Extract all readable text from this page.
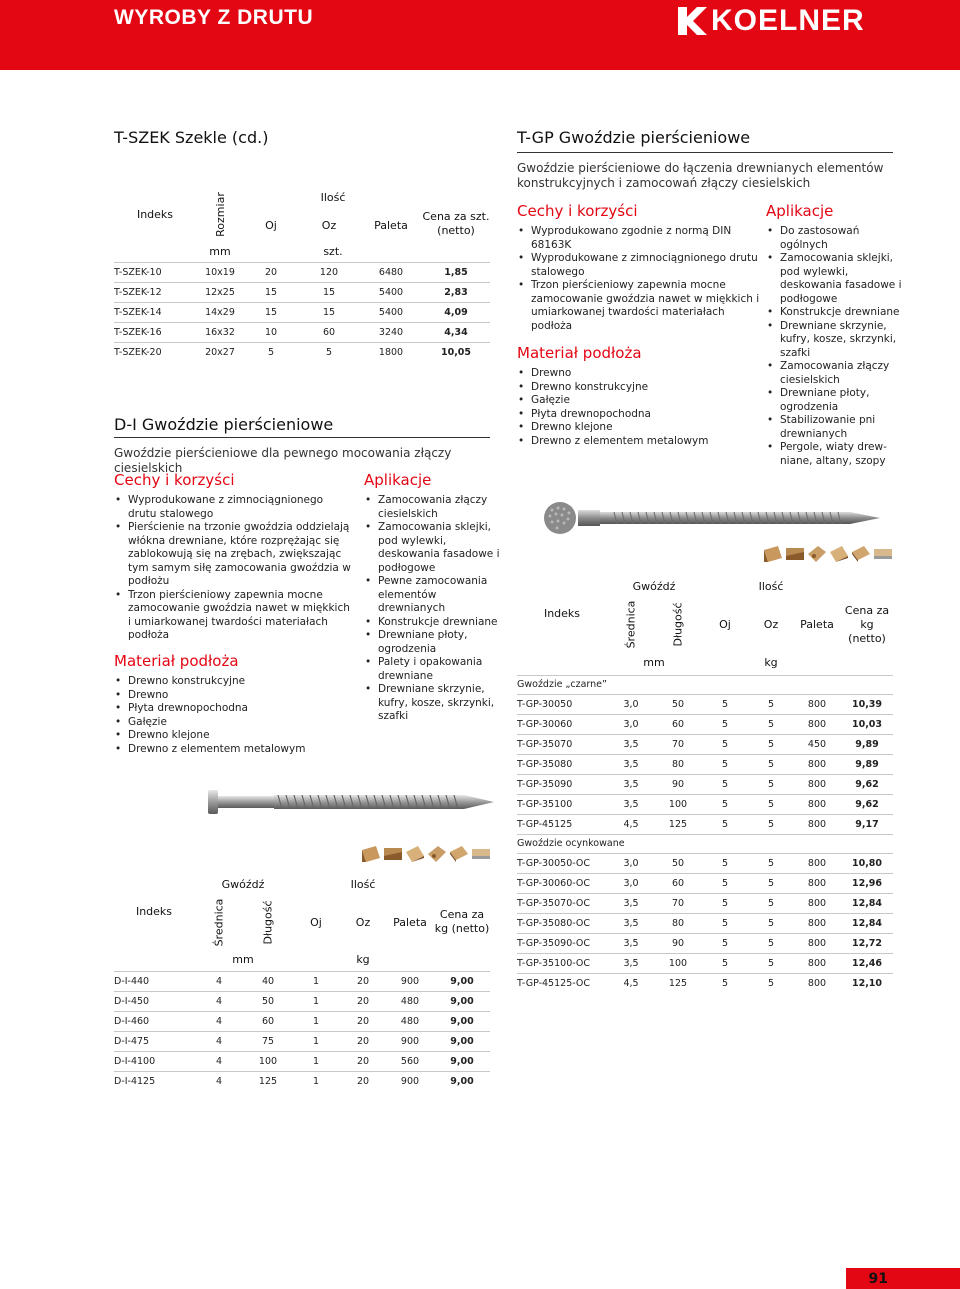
WYROBY Z DRUTU	KOELNER
T-SZEK Szekle (cd.)
Indeks	Rozmiar	Ilość			Cena za szt. (netto)
		Oj	Oz	Paleta	
	mm	szt.			
T-SZEK-10	10x19	20	120	6480	1,85
T-SZEK-12	12x25	15	15	5400	2,83
T-SZEK-14	14x29	15	15	5400	4,09
T-SZEK-16	16x32	10	60	3240	4,34
T-SZEK-20	20x27	5	5	1800	10,05
D-I Gwoździe pierścieniowe
Gwoździe pierścieniowe dla pewnego mocowania złączy ciesielskich
Cechy i korzyści
• Wyprodukowane z zimnociągnionego drutu stalowego
• Pierścienie na trzonie gwoździa oddzielają włókna drewniane, które rozprężając się zablokowują się na zrębach, zwiększając tym samym siłę zamocowania gwoździa w podłożu
• Trzon pierścieniowy zapewnia mocne zamocowanie gwoździa nawet w miękkich i umiarkowanej twardości materiałach podłoża
Materiał podłoża
• Drewno konstrukcyjne
• Drewno
• Płyta drewnopochodna
• Gałęzie
• Drewno klejone
• Drewno z elementem metalowym
Aplikacje
• Zamocowania złączy ciesielskich
• Zamocowania sklejki, pod wylewki, deskowania fasadowe i podłogowe
• Pewne zamocowania elementów drewnianych
• Konstrukcje drewniane
• Drewniane płoty, ogrodzenia
• Palety i opakowania drewniane
• Drewniane skrzynie, kufry, kosze, skrzynki, szafki
Indeks	Gwóźdź		Ilość			Cena za kg (netto)
	Średnica	Długość	Oj	Oz	Paleta	
	mm		kg			
D-I-440	4	40	1	20	900	9,00
D-I-450	4	50	1	20	480	9,00
D-I-460	4	60	1	20	480	9,00
D-I-475	4	75	1	20	900	9,00
D-I-4100	4	100	1	20	560	9,00
D-I-4125	4	125	1	20	900	9,00
T-GP Gwoździe pierścieniowe
Gwoździe pierścieniowe do łączenia drewnianych elementów konstrukcyjnych i zamocowań złączy ciesielskich
Cechy i korzyści
• Wyprodukowano zgodnie z normą DIN 68163K
• Wyprodukowane z zimnociągnionego drutu stalowego
• Trzon pierścieniowy zapewnia mocne zamocowanie gwoździa nawet w miękkich i umiarkowanej twardości materiałach podłoża
Materiał podłoża
• Drewno
• Drewno konstrukcyjne
• Gałęzie
• Płyta drewnopochodna
• Drewno klejone
• Drewno z elementem metalowym
Aplikacje
• Do zastosowań ogólnych
• Zamocowania sklejki, pod wylewki, deskowania fasadowe i podłogowe
• Konstrukcje drewniane
• Drewniane skrzynie, kufry, kosze, skrzynki, szafki
• Zamocowania złączy ciesielskich
• Drewniane płoty, ogrodzenia
• Stabilizowanie pni drewnianych
• Pergole, wiaty drew-niane, altany, szopy
Indeks	Gwóźdź		Ilość			Cena za kg (netto)
	Średnica	Długość	Oj	Oz	Paleta	
	mm		kg			
Gwoździe „czarne”						
T-GP-30050	3,0	50	5	5	800	10,39
T-GP-30060	3,0	60	5	5	800	10,03
T-GP-35070	3,5	70	5	5	450	9,89
T-GP-35080	3,5	80	5	5	800	9,89
T-GP-35090	3,5	90	5	5	800	9,62
T-GP-35100	3,5	100	5	5	800	9,62
T-GP-45125	4,5	125	5	5	800	9,17
Gwoździe ocynkowane						
T-GP-30050-OC	3,0	50	5	5	800	10,80
T-GP-30060-OC	3,0	60	5	5	800	12,96
T-GP-35070-OC	3,5	70	5	5	800	12,84
T-GP-35080-OC	3,5	80	5	5	800	12,84
T-GP-35090-OC	3,5	90	5	5	800	12,72
T-GP-35100-OC	3,5	100	5	5	800	12,46
T-GP-45125-OC	4,5	125	5	5	800	12,10
91
